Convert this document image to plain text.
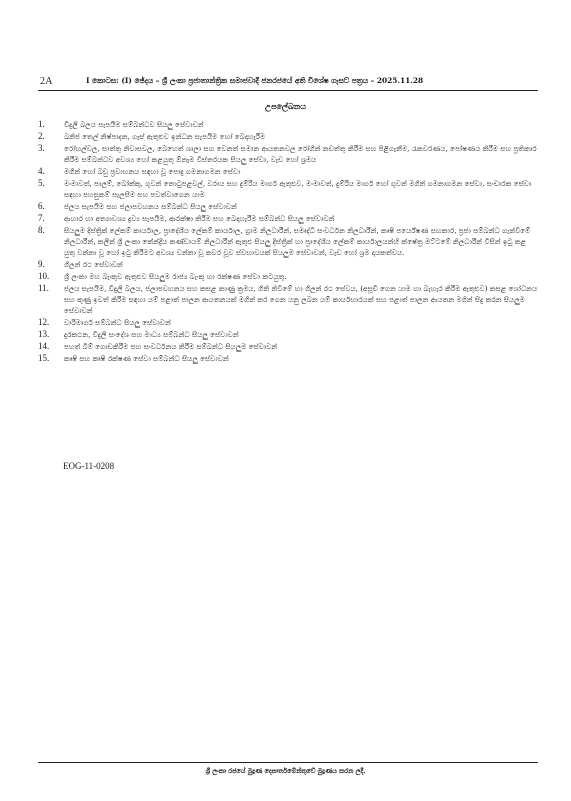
2A	I කොටස: (I) ඡේදය – ශ්‍රී ලංකා ප්‍රජාතාන්ත්‍රික සමාජවාදී ජනරජයේ අති විශේෂ ගැසට් පත්‍රය – 2025.11.28
උපලේඛනය
1.	විදුලි බලය සැපයීම සම්බන්ධව සියලු සේවාවන්
2.	ඛනිජ තෙල් නිෂ්පාදන, ගෑස් ඇතුළුව ඉන්ධන සැපයීම හෝ බෙදාහැරීම
3.	රෝහල්වල, සාත්තු නිවාසවල, බෙහෙත් ශාලා සහ වෙනත් සමාන ආයතනවල රෝගීන් නඩත්තු කිරීම සහ පිළිගැනීම, රැකවරණය, පෝෂණය කිරීම සහ ප්‍රතිකාර කිරීම සම්බන්ධව අවශ්‍ය හෝ කළයුතු ඕනෑම විස්තරයක සියලු සේවා, වැඩ හෝ ශ්‍රමය
4.	මගීන් හෝ බඩු ප්‍රවාහනය සඳහා වූ පොදු ගමනාගමන සේවා
5.	මංමාවත්, පාලම්, බෝක්කු, ගුවන් තොටුපළවල්, වරාය සහ දුම්රිය මාර්ග ඇතුළුව, මංමාවත්, දුම්රිය මාර්ග හෝ ගුවන් මගින් ගමනාගමන සේවා, සංචාරක සේවා සඳහා පහසුකම් සැලසීම සහ පවත්වාගෙන යාම
6.	ජලය සැපයීම සහ ජලාපවහනය සම්බන්ධ සියලු සේවාවන්
7.	ආහාර හා අත්‍යාවශ්‍ය ද්‍රව්‍ය සැපයීම, ආරක්ෂා කිරීම සහ බෙදාහැරීම සම්බන්ධ සියලු සේවාවන්
8.	සියලුම දිස්ත්‍රික් ලේකම් කාර්යාල, ප්‍රාදේශීය ලේකම් කාර්යාල, ග්‍රාම නිලධාරීන්, සමෘද්ධි සංවර්ධන නිලධාරීන්, කෘෂි පර්යේෂණ සහකාර, ප්‍රජා සම්බන්ධ ගැන්වීමේ නිලධාරීන්, කලින් ශ්‍රී ලංකා කේන්ද්‍රීය කණ්ඩායම් නිලධාරීන් ඇතුළු සියලු දිස්ත්‍රික් හා ප්‍රාදේශීය ලේකම් කාර්යාලයන්හි ක්ෂේත්‍ර මට්ටමේ නිලධාරීන් විසින් ඉටු කළ යුතු වන්නා වූ හෝ ඉටු කිරීමට අවශ්‍ය වන්නා වූ කවර වූව ස්වභාවයක් සියලුම සේවාවන්, වැඩ හෝ ශ්‍රම දායකත්වය.
9.	ගිලන් රථ සේවාවන්
10.	ශ්‍රී ලංකා මහ බැංකුව ඇතුළුව සියලුම රාජ්‍ය බැංකු හා රක්ෂණ සේවා කටයුතු.
11.	ජලය සැපයීම, විදුලි බලය, ජලාපවහනය සහ කසළ කාණු ක්‍රමය, ගිනි නිවීමේ හා ගිලන් රථ සේවය, (අසූචි ගෙන යාම හා බැහැර කිරීම ඇතුළුව) කසළ ශෝධනය සහ කුණු ඉවත් කිරීම සඳහා යම් පළාත් පාලන ආයතනයක් මගින් කර ගෙන යනු ලබන යම් කාර්යභාරයක් සහ පළාත් පාලන ආයතන මගින් සිදු කරන සියලුම සේවාවන්
12.	වාරිමාර්ග සම්බන්ධ සියලු සේවාවන්
13.	දුරකථන, විදුලි සංදේශ සහ මාධ්‍ය සම්බන්ධ සියලු සේවාවන්
14.	පහත් බිම් ගොඩකිරීම සහ සංවර්ධනය කිරීම සම්බන්ධ සියලුම සේවාවන්
15.	කෘෂි සහ කෘෂි රක්ෂණ සේවා සම්බන්ධ සියලු සේවාවන්
EOG-11-0208
ශ්‍රී ලංකා රජයේ මුද්‍රණ දෙපාර්තමේන්තුවේ මුද්‍රණය කරන ලදී.
